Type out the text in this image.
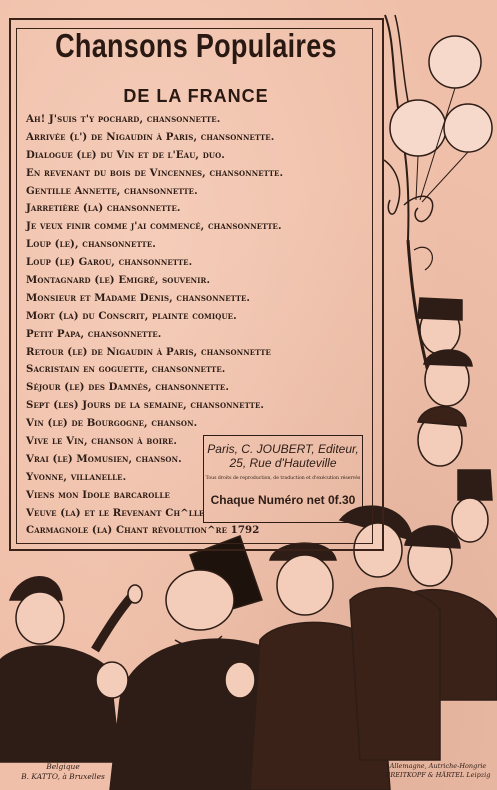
Chansons Populaires
DE LA FRANCE
Ah! J'suis t'y pochard, chansonnette.
Arrivée (l') de Nigaudin à Paris, chansonnette.
Dialogue (le) du Vin et de l'Eau, duo.
En revenant du bois de Vincennes, chansonnette.
Gentille Annette, chansonnette.
Jarretière (la) chansonnette.
Je veux finir comme j'ai commencé, chansonnette.
Loup (le), chansonnette.
Loup (le) Garou, chansonnette.
Montagnard (le) Emigré, souvenir.
Monsieur et Madame Denis, chansonnette.
Mort (la) du Conscrit, plainte comique.
Petit Papa, chansonnette.
Retour (le) de Nigaudin à Paris, chansonnette
Sacristain en goguette, chansonnette.
Séjour (le) des Damnés, chansonnette.
Sept (les) Jours de la semaine, chansonnette.
Vin (le) de Bourgogne, chanson.
Vive le Vin, chanson à boire.
Vrai (le) Momusien, chanson.
Yvonne, villanelle.
Viens mon Idole barcarolle
Veuve (la) et le Revenant Ch^lle
Carmagnole (la) Chant révolution^re 1792
Paris, C. JOUBERT, Editeur,
25, Rue d'Hauteville
Tous droits de reproduction, de traduction et d'exécution réservés
Chaque Numéro net 0f.30
Belgique
B. KATTO, à Bruxelles
Allemagne, Autriche-Hongrie
BREITKOPF & HÄRTEL Leipzig
